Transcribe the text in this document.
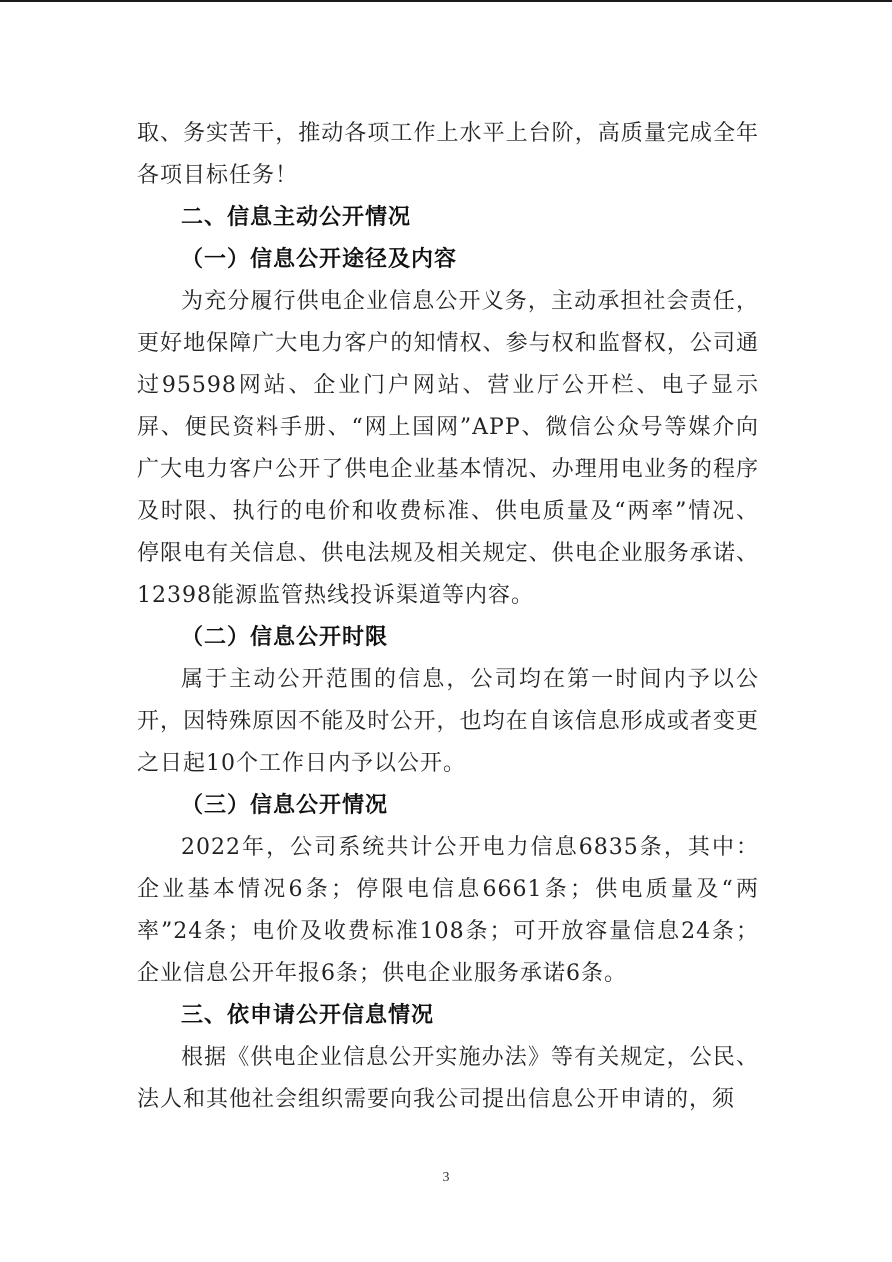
取、务实苦干，推动各项工作上水平上台阶，高质量完成全年各项目标任务！

二、信息主动公开情况

（一）信息公开途径及内容

为充分履行供电企业信息公开义务，主动承担社会责任，更好地保障广大电力客户的知情权、参与权和监督权，公司通过95598网站、企业门户网站、营业厅公开栏、电子显示屏、便民资料手册、“网上国网”APP、微信公众号等媒介向广大电力客户公开了供电企业基本情况、办理用电业务的程序及时限、执行的电价和收费标准、供电质量及“两率”情况、停限电有关信息、供电法规及相关规定、供电企业服务承诺、12398能源监管热线投诉渠道等内容。

（二）信息公开时限

属于主动公开范围的信息，公司均在第一时间内予以公开，因特殊原因不能及时公开，也均在自该信息形成或者变更之日起10个工作日内予以公开。

（三）信息公开情况

2022年，公司系统共计公开电力信息6835条，其中：企业基本情况6条；停限电信息6661条；供电质量及“两率”24条；电价及收费标准108条；可开放容量信息24条；企业信息公开年报6条；供电企业服务承诺6条。

三、依申请公开信息情况

根据《供电企业信息公开实施办法》等有关规定，公民、法人和其他社会组织需要向我公司提出信息公开申请的，须

3
